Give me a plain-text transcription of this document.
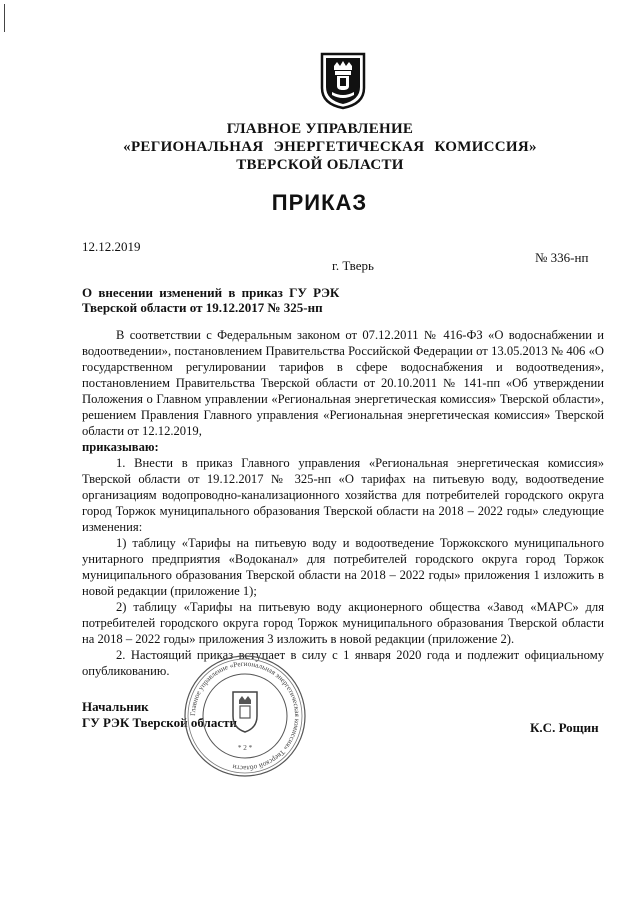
ГЛАВНОЕ УПРАВЛЕНИЕ
«РЕГИОНАЛЬНАЯ ЭНЕРГЕТИЧЕСКАЯ КОМИССИЯ»
ТВЕРСКОЙ ОБЛАСТИ
ПРИКАЗ
12.12.2019
г. Тверь
№ 336-нп
О внесении изменений в приказ ГУ РЭК
Тверской области от 19.12.2017 № 325-нп

В соответствии с Федеральным законом от 07.12.2011 № 416-ФЗ «О водоснабжении и водоотведении», постановлением Правительства Российской Федерации от 13.05.2013 № 406 «О государственном регулировании тарифов в сфере водоснабжения и водоотведения», постановлением Правительства Тверской области от 20.10.2011 № 141-пп «Об утверждении Положения о Главном управлении «Региональная энергетическая комиссия» Тверской области», решением Правления Главного управления «Региональная энергетическая комиссия» Тверской области от 12.12.2019,

приказываю:

1. Внести в приказ Главного управления «Региональная энергетическая комиссия» Тверской области от 19.12.2017 № 325-нп «О тарифах на питьевую воду, водоотведение организациям водопроводно-канализационного хозяйства для потребителей городского округа город Торжок муниципального образования Тверской области на 2018 – 2022 годы» следующие изменения:

1) таблицу «Тарифы на питьевую воду и водоотведение Торжокского муниципального унитарного предприятия «Водоканал» для потребителей городского округа город Торжок муниципального образования Тверской области на 2018 – 2022 годы» приложения 1 изложить в новой редакции (приложение 1);

2) таблицу «Тарифы на питьевую воду акционерного общества «Завод «МАРС» для потребителей городского округа город Торжок муниципального образования Тверской области на 2018 – 2022 годы» приложения 3 изложить в новой редакции (приложение 2).

2. Настоящий приказ вступает в силу с 1 января 2020 года и подлежит официальному опубликованию.

Начальник
ГУ РЭК Тверской области	К.С. Рощин
Главное управление «Региональная энергетическая комиссия» Тверской области
* 2 *
